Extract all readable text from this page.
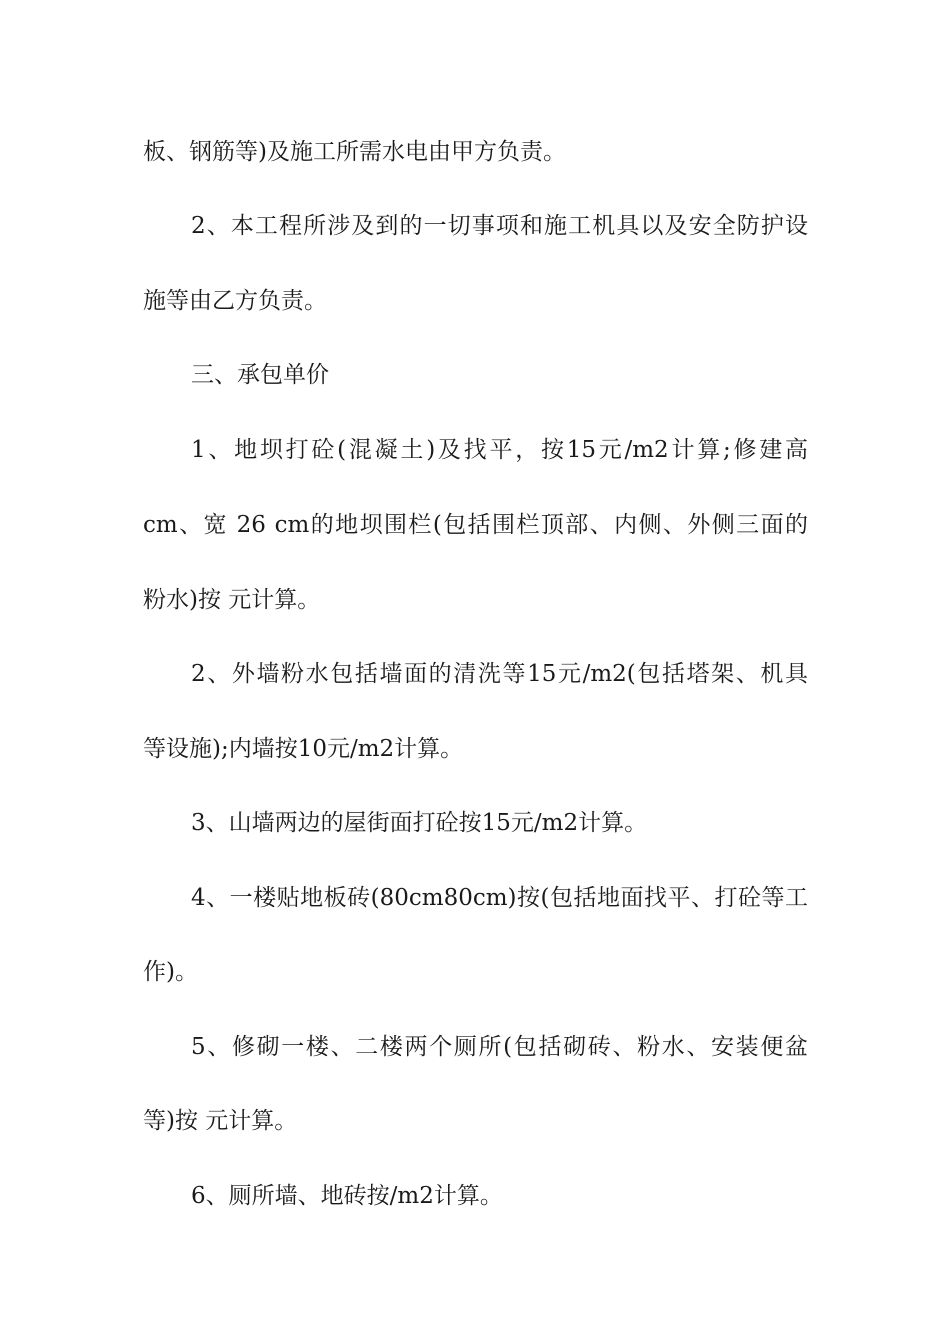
板、钢筋等)及施工所需水电由甲方负责。
2、本工程所涉及到的一切事项和施工机具以及安全防护设
施等由乙方负责。
三、承包单价
1、地坝打砼(混凝土)及找平，按15元/m2计算;修建高
cm、宽 26 cm的地坝围栏(包括围栏顶部、内侧、外侧三面的
粉水)按 元计算。
2、外墙粉水包括墙面的清洗等15元/m2(包括塔架、机具
等设施);内墙按10元/m2计算。
3、山墙两边的屋街面打砼按15元/m2计算。
4、一楼贴地板砖(80cm80cm)按(包括地面找平、打砼等工
作)。
5、修砌一楼、二楼两个厕所(包括砌砖、粉水、安装便盆
等)按 元计算。
6、厕所墙、地砖按/m2计算。
